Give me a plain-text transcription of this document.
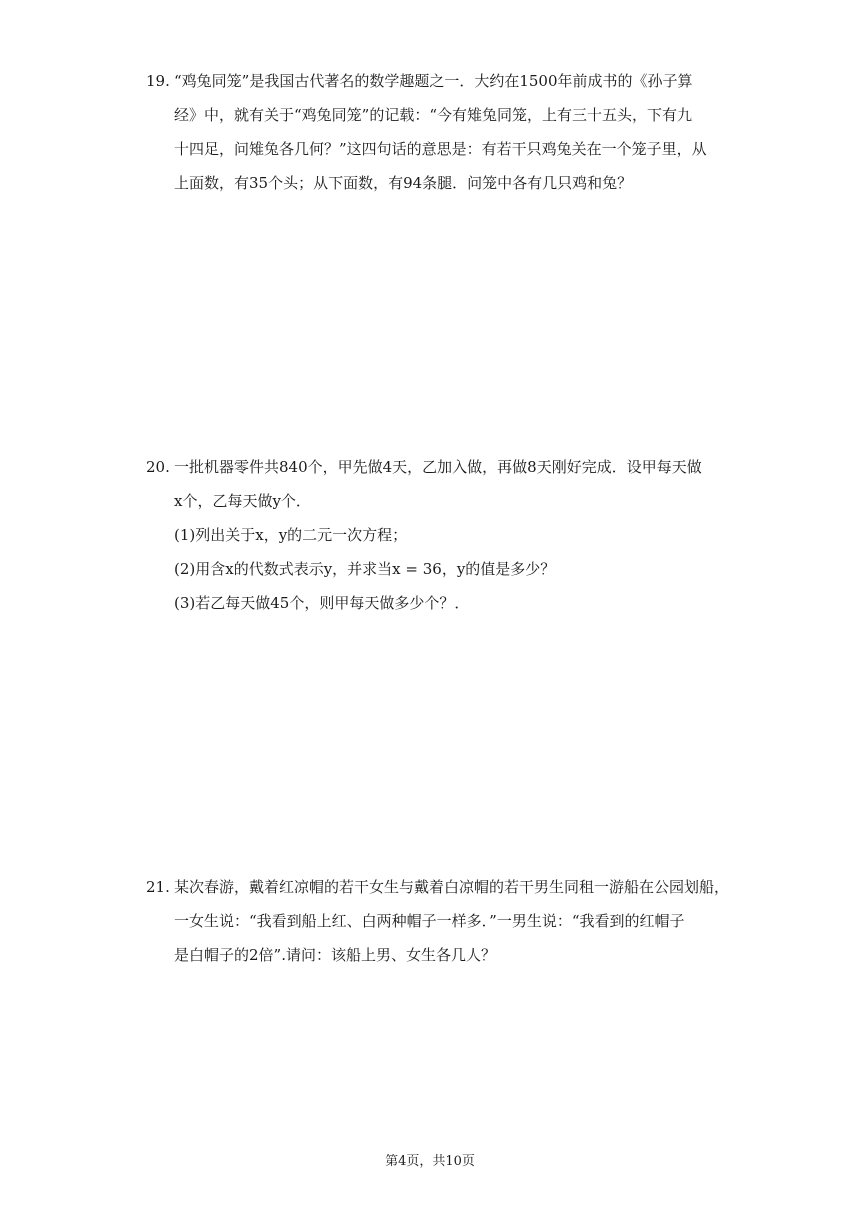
19. “鸡兔同笼”是我国古代著名的数学趣题之一．大约在1500年前成书的《孙子算
经》中，就有关于“鸡兔同笼”的记载：“今有雉兔同笼，上有三十五头，下有九
十四足，问雉兔各几何？”这四句话的意思是：有若干只鸡兔关在一个笼子里，从
上面数，有35个头；从下面数，有94条腿．问笼中各有几只鸡和兔？
20. 一批机器零件共840个，甲先做4天，乙加入做，再做8天刚好完成．设甲每天做
x个，乙每天做y个．
(1)列出关于x，y的二元一次方程；
(2)用含x的代数式表示y，并求当x = 36，y的值是多少？
(3)若乙每天做45个，则甲每天做多少个？．
21. 某次春游，戴着红凉帽的若干女生与戴着白凉帽的若干男生同租一游船在公园划船，
一女生说：“我看到船上红、白两种帽子一样多．”一男生说：“我看到的红帽子
是白帽子的2倍”.请问：该船上男、女生各几人？
第4页，共10页
